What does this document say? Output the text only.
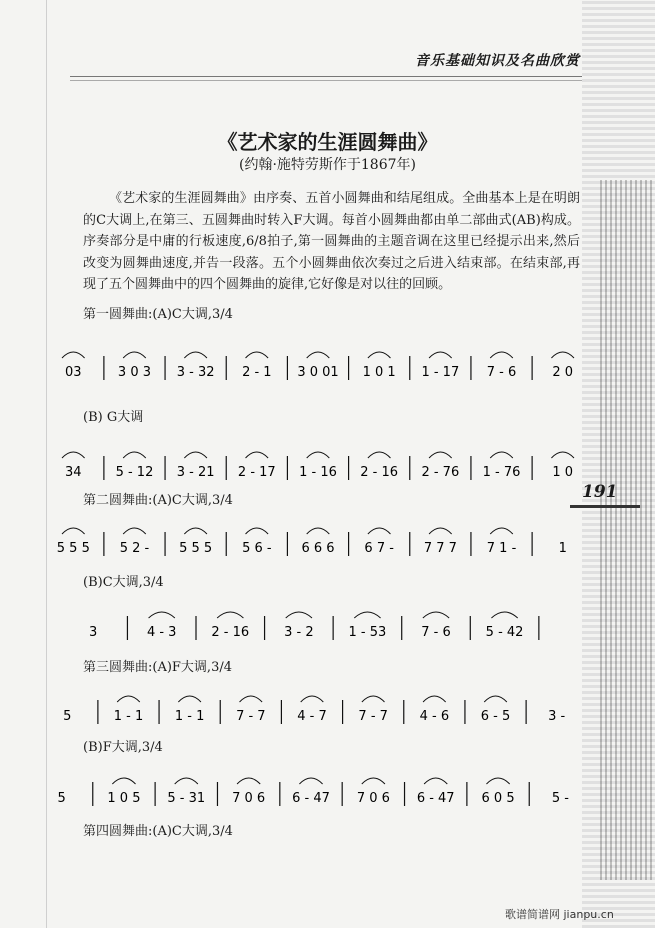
音乐基础知识及名曲欣赏
191
《艺术家的生涯圆舞曲》
(约翰·施特劳斯作于1867年)
《艺术家的生涯圆舞曲》由序奏、五首小圆舞曲和结尾组成。全曲基本上是在明朗的C大调上,在第三、五圆舞曲时转入F大调。每首小圆舞曲都由单二部曲式(AB)构成。序奏部分是中庸的行板速度,6/8拍子,第一圆舞曲的主题音调在这里已经提示出来,然后改变为圆舞曲速度,并告一段落。五个小圆舞曲依次奏过之后进入结束部。在结束部,再现了五个圆舞曲中的四个圆舞曲的旋律,它好像是对以往的回顾。
第一圆舞曲:(A)C大调,3/4
(B) G大调
第二圆舞曲:(A)C大调,3/4
(B)C大调,3/4
第三圆舞曲:(A)F大调,3/4
(B)F大调,3/4
第四圆舞曲:(A)C大调,3/4
03	3 0 3 3 - 32 2 - 1 3 0 01 1 0 1 1 - 17 7 - 6	2 0
34	5 - 12 3 - 21 2 - 17 1 - 16 2 - 16 2 - 76 1 - 76 1 0
5 5 5 5 2 - 5 5 5 5 6 - 6 6 6 6 7 - 7 7 7 7 1 -	1
3	4 - 3	2 - 16	3 - 2	1 - 53	7 - 6	5 - 42
5	1 - 1 1 - 1 7 - 7 4 - 7 7 - 7 4 - 6 6 - 5	3 -
5	1 0 5 5 - 31 7 0 6 6 - 47 7 0 6 6 - 47 6 0 5	5 -
歌谱简谱网 jianpu.cn
